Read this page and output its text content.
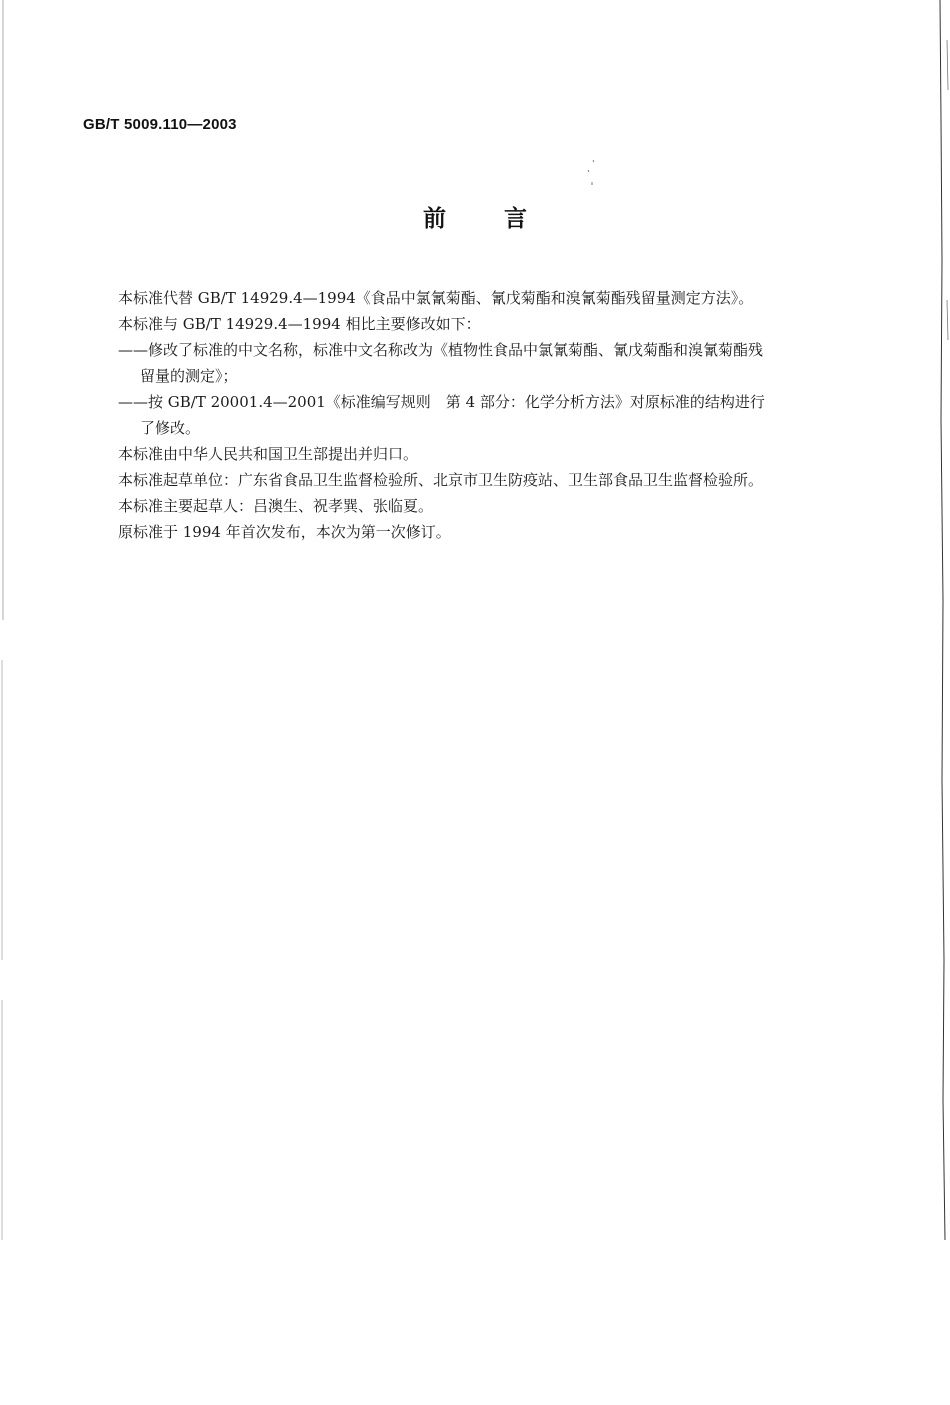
GB/T 5009.110—2003
前言
本标准代替 GB/T 14929.4—1994《食品中氯氰菊酯、氰戊菊酯和溴氰菊酯残留量测定方法》。
本标准与 GB/T 14929.4—1994 相比主要修改如下：
——修改了标准的中文名称，标准中文名称改为《植物性食品中氯氰菊酯、氰戊菊酯和溴氰菊酯残
留量的测定》；
——按 GB/T 20001.4—2001《标准编写规则　第 4 部分：化学分析方法》对原标准的结构进行
了修改。
本标准由中华人民共和国卫生部提出并归口。
本标准起草单位：广东省食品卫生监督检验所、北京市卫生防疫站、卫生部食品卫生监督检验所。
本标准主要起草人：吕澳生、祝孝巽、张临夏。
原标准于 1994 年首次发布，本次为第一次修订。
